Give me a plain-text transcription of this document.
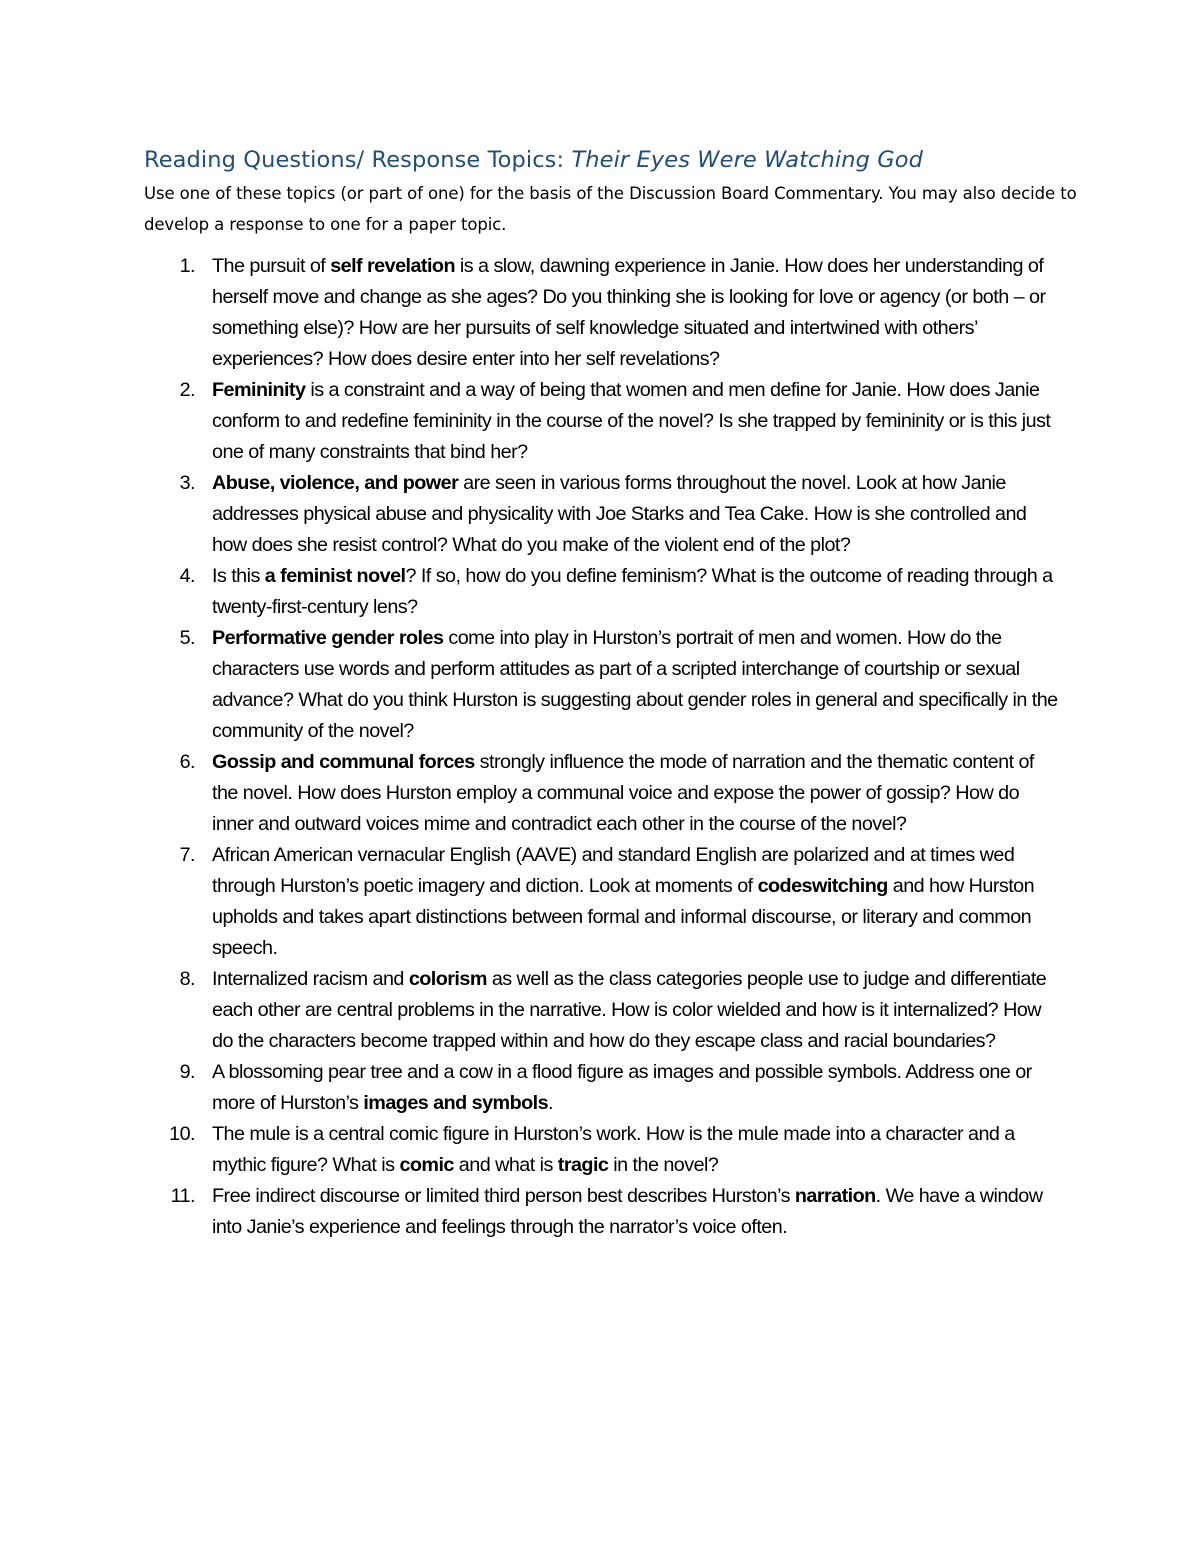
Reading Questions/ Response Topics: Their Eyes Were Watching God

Use one of these topics (or part of one) for the basis of the Discussion Board Commentary. You may also decide to develop a response to one for a paper topic.

1. The pursuit of self revelation is a slow, dawning experience in Janie. How does her understanding of herself move and change as she ages? Do you thinking she is looking for love or agency (or both – or something else)? How are her pursuits of self knowledge situated and intertwined with others’ experiences? How does desire enter into her self revelations?
2. Femininity is a constraint and a way of being that women and men define for Janie. How does Janie conform to and redefine femininity in the course of the novel? Is she trapped by femininity or is this just one of many constraints that bind her?
3. Abuse, violence, and power are seen in various forms throughout the novel. Look at how Janie addresses physical abuse and physicality with Joe Starks and Tea Cake. How is she controlled and how does she resist control? What do you make of the violent end of the plot?
4. Is this a feminist novel? If so, how do you define feminism? What is the outcome of reading through a twenty-first-century lens?
5. Performative gender roles come into play in Hurston’s portrait of men and women. How do the characters use words and perform attitudes as part of a scripted interchange of courtship or sexual advance? What do you think Hurston is suggesting about gender roles in general and specifically in the community of the novel?
6. Gossip and communal forces strongly influence the mode of narration and the thematic content of the novel. How does Hurston employ a communal voice and expose the power of gossip? How do inner and outward voices mime and contradict each other in the course of the novel?
7. African American vernacular English (AAVE) and standard English are polarized and at times wed through Hurston’s poetic imagery and diction. Look at moments of codeswitching and how Hurston upholds and takes apart distinctions between formal and informal discourse, or literary and common speech.
8. Internalized racism and colorism as well as the class categories people use to judge and differentiate each other are central problems in the narrative. How is color wielded and how is it internalized? How do the characters become trapped within and how do they escape class and racial boundaries?
9. A blossoming pear tree and a cow in a flood figure as images and possible symbols. Address one or more of Hurston’s images and symbols.
10. The mule is a central comic figure in Hurston’s work. How is the mule made into a character and a mythic figure? What is comic and what is tragic in the novel?
11. Free indirect discourse or limited third person best describes Hurston’s narration. We have a window into Janie’s experience and feelings through the narrator’s voice often.
